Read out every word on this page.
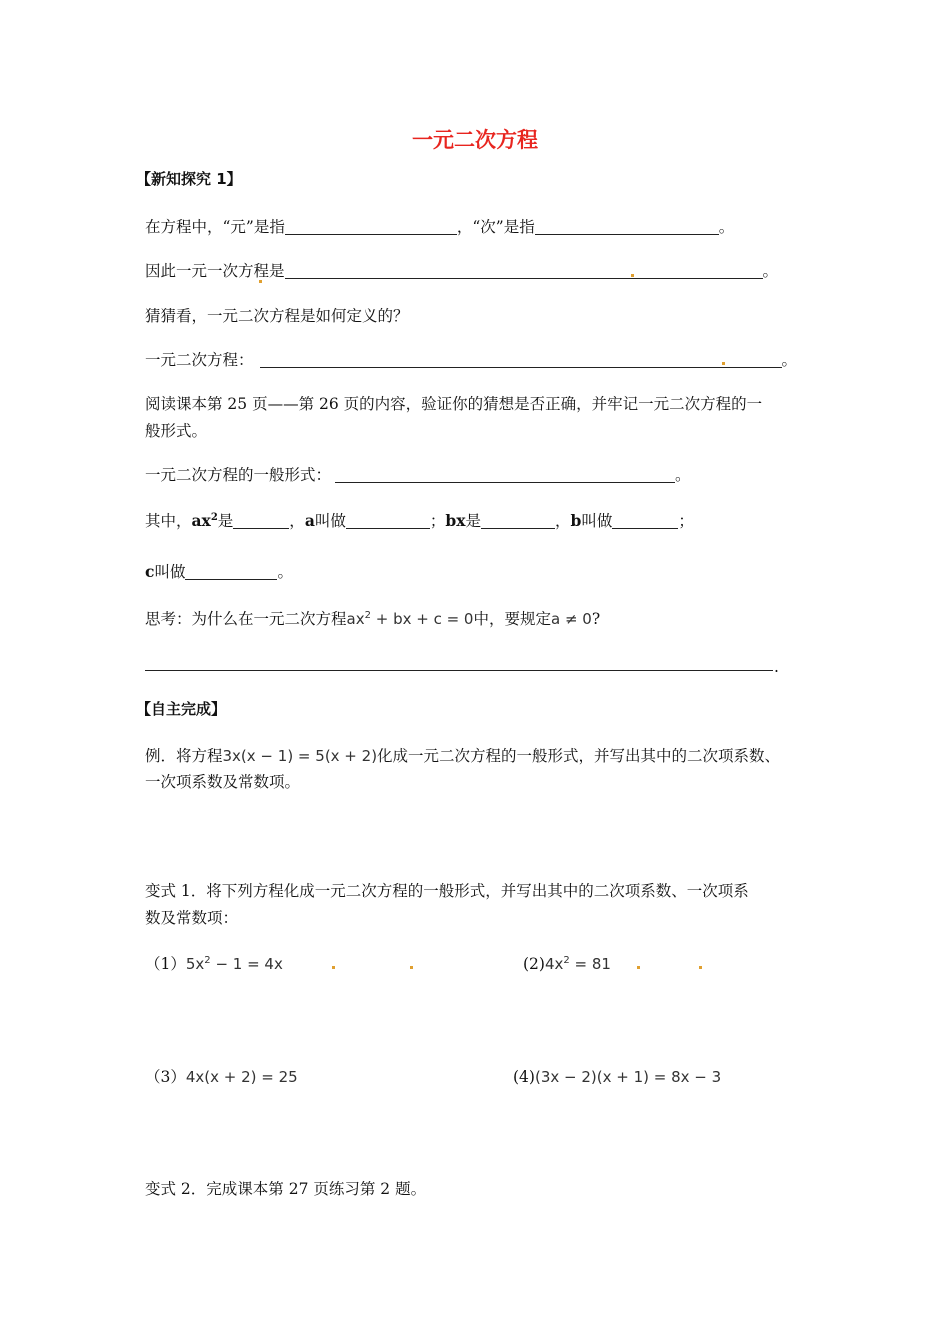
一元二次方程
【新知探究 1】
在方程中，“元”是指	，“次”是指	。
因此一元一次方程是	。
猜猜看，一元二次方程是如何定义的？
一元二次方程：	。
阅读课本第 25 页——第 26 页的内容，验证你的猜想是否正确，并牢记一元二次方程的一
般形式。
一元二次方程的一般形式：	。
其中，$ax^2$是	，a叫做	；bx是	，b叫做	；
c叫做	。
思考：为什么在一元二次方程$ax^2$ + bx + c = 0中，要规定a ≠ 0?
.
【自主完成】
例．将方程3x(x − 1) = 5(x + 2)化成一元二次方程的一般形式，并写出其中的二次项系数、
一次项系数及常数项。
变式 1．将下列方程化成一元二次方程的一般形式，并写出其中的二次项系数、一次项系
数及常数项：
$(1)5x^2 - 1 = 4x$	$(2)4x^2 = 81$
（3）4x(x + 2) = 25	(4)(3x − 2)(x + 1) = 8x − 3
变式 2．完成课本第 27 页练习第 2 题。
